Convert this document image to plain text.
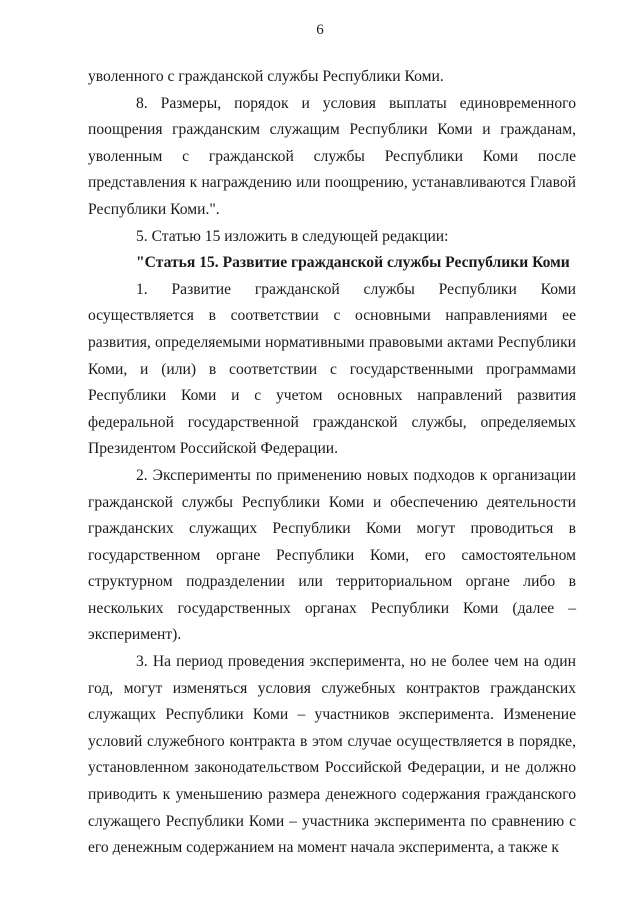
6

уволенного с гражданской службы Республики Коми.

8. Размеры, порядок и условия выплаты единовременного поощрения гражданским служащим Республики Коми и гражданам, уволенным с гражданской службы Республики Коми после представления к награждению или поощрению, устанавливаются Главой Республики Коми.".

5. Статью 15 изложить в следующей редакции:

"Статья 15. Развитие гражданской службы Республики Коми

1. Развитие гражданской службы Республики Коми осуществляется в соответствии с основными направлениями ее развития, определяемыми нормативными правовыми актами Республики Коми, и (или) в соответствии с государственными программами Республики Коми и с учетом основных направлений развития федеральной государственной гражданской службы, определяемых Президентом Российской Федерации.

2. Эксперименты по применению новых подходов к организации гражданской службы Республики Коми и обеспечению деятельности гражданских служащих Республики Коми могут проводиться в государственном органе Республики Коми, его самостоятельном структурном подразделении или территориальном органе либо в нескольких государственных органах Республики Коми (далее – эксперимент).

3. На период проведения эксперимента, но не более чем на один год, могут изменяться условия служебных контрактов гражданских служащих Республики Коми – участников эксперимента. Изменение условий служебного контракта в этом случае осуществляется в порядке, установленном законодательством Российской Федерации, и не должно приводить к уменьшению размера денежного содержания гражданского служащего Республики Коми – участника эксперимента по сравнению с его денежным содержанием на момент начала эксперимента, а также к
